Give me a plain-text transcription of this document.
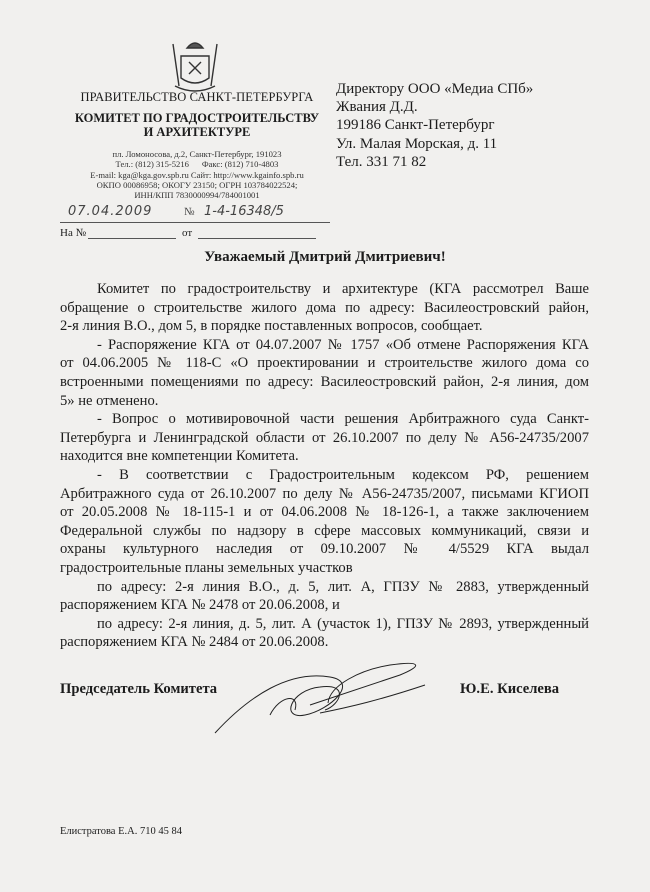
ПРАВИТЕЛЬСТВО САНКТ-ПЕТЕРБУРГА
КОМИТЕТ ПО ГРАДОСТРОИТЕЛЬСТВУ
И АРХИТЕКТУРЕ
пл. Ломоносова, д.2, Санкт-Петербург, 191023
Тел.: (812) 315-5216      Факс: (812) 710-4803
E-mail: kga@kga.gov.spb.ru Сайт: http://www.kgainfo.spb.ru
ОКПО 00086958; ОКОГУ 23150; ОГРН 103784022524;
ИНН/КПП 7830000994/784001001
07.04.2009	№ 1-4-16348/5
На №	от
Директору ООО «Медиа СПб»
Жвания Д.Д.
199186 Санкт-Петербург
Ул. Малая Морская, д. 11
Тел. 331 71 82
Уважаемый Дмитрий Дмитриевич!
Комитет по градостроительству и архитектуре (КГА рассмотрел Ваше
обращение о строительстве жилого дома по адресу: Василеостровский район,
2-я линия В.О., дом 5, в порядке поставленных вопросов, сообщает.
- Распоряжение КГА от 04.07.2007 № 1757 «Об отмене Распоряжения КГА
от 04.06.2005 № 118-С «О проектировании и строительстве жилого дома со
встроенными помещениями по адресу: Василеостровский район, 2-я линия, дом
5» не отменено.
- Вопрос о мотивировочной части решения Арбитражного суда Санкт-
Петербурга и Ленинградской области от 26.10.2007 по делу № А56-24735/2007
находится вне компетенции Комитета.
- В соответствии с Градостроительным кодексом РФ, решением
Арбитражного суда от 26.10.2007 по делу № А56-24735/2007, письмами КГИОП
от 20.05.2008 № 18-115-1 и от 04.06.2008 № 18-126-1, а также заключением
Федеральной службы по надзору в сфере массовых коммуникаций, связи и
охраны культурного наследия от 09.10.2007 № 4/5529 КГА выдал
градостроительные планы земельных участков
по адресу: 2-я линия В.О., д. 5, лит. А, ГПЗУ № 2883, утвержденный
распоряжением КГА № 2478 от 20.06.2008, и
по адресу: 2-я линия, д. 5, лит. А (участок 1), ГПЗУ № 2893, утвержденный
распоряжением КГА № 2484 от 20.06.2008.
Председатель Комитета	Ю.Е. Киселева
Елистратова Е.А. 710 45 84
